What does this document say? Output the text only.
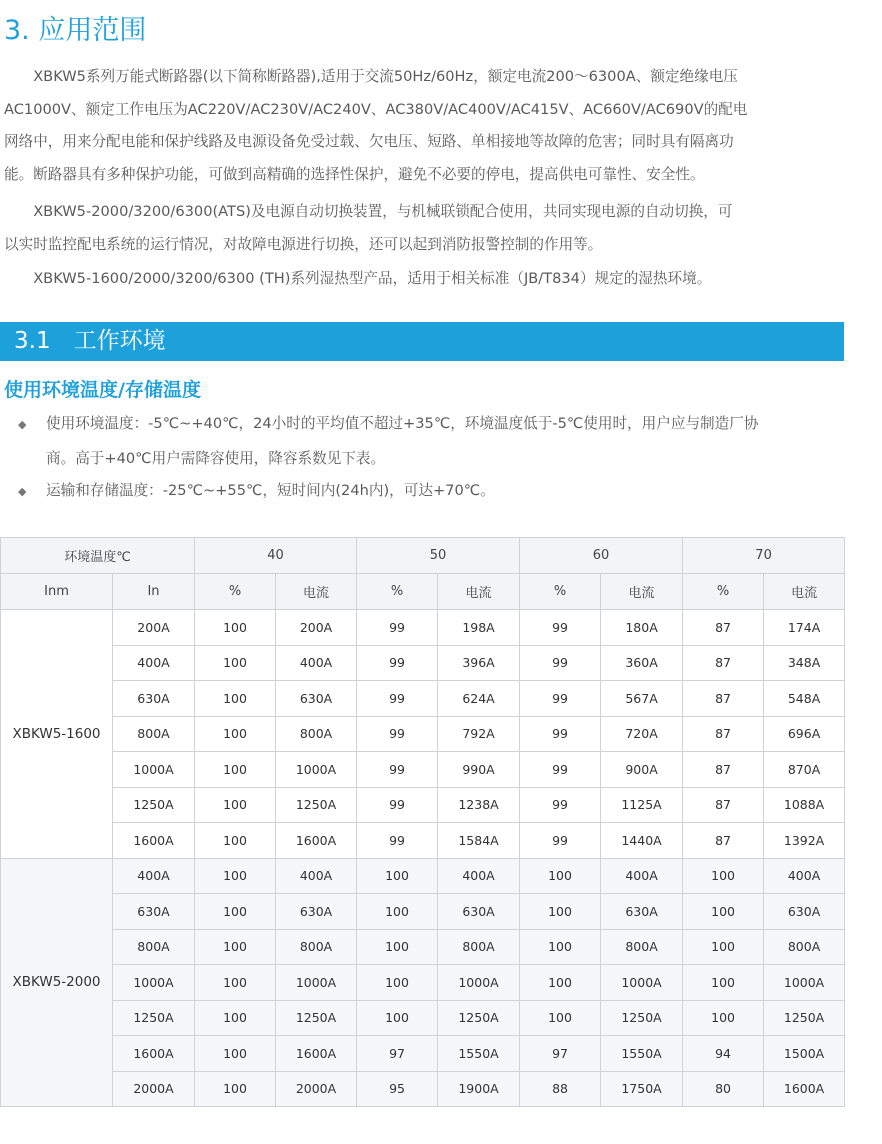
3. 应用范围

　　XBKW5系列万能式断路器(以下简称断路器),适用于交流50Hz/60Hz，额定电流200～6300A、额定绝缘电压
AC1000V、额定工作电压为AC220V/AC230V/AC240V、AC380V/AC400V/AC415V、AC660V/AC690V的配电
网络中，用来分配电能和保护线路及电源设备免受过载、欠电压、短路、单相接地等故障的危害；同时具有隔离功
能。断路器具有多种保护功能，可做到高精确的选择性保护，避免不必要的停电，提高供电可靠性、安全性。

　　XBKW5-2000/3200/6300(ATS)及电源自动切换装置，与机械联锁配合使用，共同实现电源的自动切换，可
以实时监控配电系统的运行情况，对故障电源进行切换，还可以起到消防报警控制的作用等。

　　XBKW5-1600/2000/3200/6300 (TH)系列湿热型产品，适用于相关标准（JB/T834）规定的湿热环境。

3.1　工作环境
使用环境温度/存储温度
◆ 使用环境温度：-5℃~+40℃，24小时的平均值不超过+35℃，环境温度低于-5℃使用时，用户应与制造厂协
商。高于+40℃用户需降容使用，降容系数见下表。
◆ 运输和存储温度：-25℃~+55℃，短时间内(24h内)，可达+70℃。
环境温度℃		40		50		60		70	
Inm	In	%	电流	%	电流	%	电流	%	电流
XBKW5-1600	200A	100	200A	99	198A	99	180A	87	174A
	400A	100	400A	99	396A	99	360A	87	348A
	630A	100	630A	99	624A	99	567A	87	548A
	800A	100	800A	99	792A	99	720A	87	696A
	1000A	100	1000A	99	990A	99	900A	87	870A
	1250A	100	1250A	99	1238A	99	1125A	87	1088A
	1600A	100	1600A	99	1584A	99	1440A	87	1392A
XBKW5-2000	400A	100	400A	100	400A	100	400A	100	400A
	630A	100	630A	100	630A	100	630A	100	630A
	800A	100	800A	100	800A	100	800A	100	800A
	1000A	100	1000A	100	1000A	100	1000A	100	1000A
	1250A	100	1250A	100	1250A	100	1250A	100	1250A
	1600A	100	1600A	97	1550A	97	1550A	94	1500A
	2000A	100	2000A	95	1900A	88	1750A	80	1600A
